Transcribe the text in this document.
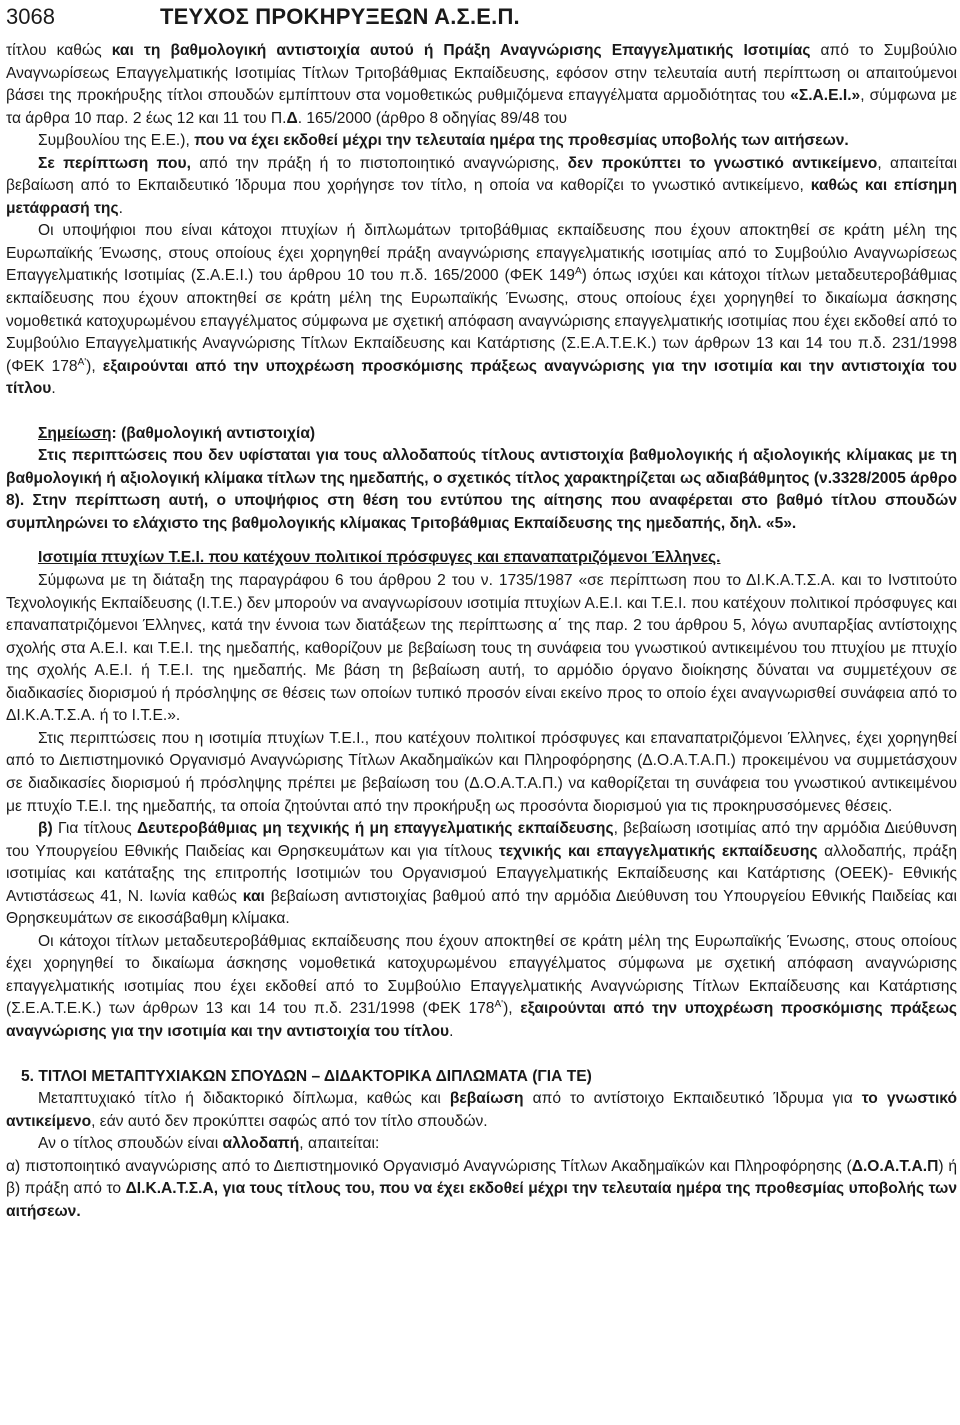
3068	ΤΕΥΧΟΣ ΠΡΟΚΗΡΥΞΕΩΝ Α.Σ.Ε.Π.

τίτλου καθώς και τη βαθμολογική αντιστοιχία αυτού ή Πράξη Αναγνώρισης Επαγγελματικής Ισοτιμίας από το Συμβούλιο Αναγνωρίσεως Επαγγελματικής Ισοτιμίας Τίτλων Τριτοβάθμιας Εκπαίδευσης, εφόσον στην τελευταία αυτή περίπτωση οι απαιτούμενοι βάσει της προκήρυξης τίτλοι σπουδών εμπίπτουν στα νομοθετικώς ρυθμιζόμενα επαγγέλματα αρμοδιότητας του «Σ.Α.Ε.Ι.», σύμφωνα με τα άρθρα 10 παρ. 2 έως 12 και 11 του Π.Δ. 165/2000 (άρθρο 8 οδηγίας 89/48 του

Συμβουλίου της Ε.Ε.), που να έχει εκδοθεί μέχρι την τελευταία ημέρα της προθεσμίας υποβολής των αιτήσεων.

Σε περίπτωση που, από την πράξη ή το πιστοποιητικό αναγνώρισης, δεν προκύπτει το γνωστικό αντικείμενο, απαιτείται βεβαίωση από το Εκπαιδευτικό Ίδρυμα που χορήγησε τον τίτλο, η οποία να καθορίζει το γνωστικό αντικείμενο, καθώς και επίσημη μετάφρασή της.

Οι υποψήφιοι που είναι κάτοχοι πτυχίων ή διπλωμάτων τριτοβάθμιας εκπαίδευσης που έχουν αποκτηθεί σε κράτη μέλη της Ευρωπαϊκής Ένωσης, στους οποίους έχει χορηγηθεί πράξη αναγνώρισης επαγγελματικής ισοτιμίας από το Συμβούλιο Αναγνωρίσεως Επαγγελματικής Ισοτιμίας (Σ.Α.Ε.Ι.) του άρθρου 10 του π.δ. 165/2000 (ΦΕΚ $149^A$) όπως ισχύει και κάτοχοι τίτλων μεταδευτεροβάθμιας εκπαίδευσης που έχουν αποκτηθεί σε κράτη μέλη της Ευρωπαϊκής Ένωσης, στους οποίους έχει χορηγηθεί το δικαίωμα άσκησης νομοθετικά κατοχυρωμένου επαγγέλματος σύμφωνα με σχετική απόφαση αναγνώρισης επαγγελματικής ισοτιμίας που έχει εκδοθεί από το Συμβούλιο Επαγγελματικής Αναγνώρισης Τίτλων Εκπαίδευσης και Κατάρτισης (Σ.Ε.Α.Τ.Ε.Κ.) των άρθρων 13 και 14 του π.δ. 231/1998 (ΦΕΚ $178^{A'}$), εξαιρούνται από την υποχρέωση προσκόμισης πράξεως αναγνώρισης για την ισοτιμία και την αντιστοιχία του τίτλου.

Σημείωση: (βαθμολογική αντιστοιχία)

Στις περιπτώσεις που δεν υφίσταται για τους αλλοδαπούς τίτλους αντιστοιχία βαθμολογικής ή αξιολογικής κλίμακας με τη βαθμολογική ή αξιολογική κλίμακα τίτλων της ημεδαπής, ο σχετικός τίτλος χαρακτηρίζεται ως αδιαβάθμητος (ν.3328/2005 άρθρο 8). Στην περίπτωση αυτή, ο υποψήφιος στη θέση του εντύπου της αίτησης που αναφέρεται στο βαθμό τίτλου σπουδών συμπληρώνει το ελάχιστο της βαθμολογικής κλίμακας Τριτοβάθμιας Εκπαίδευσης της ημεδαπής, δηλ. «5».

Ισοτιμία πτυχίων Τ.Ε.Ι. που κατέχουν πολιτικοί πρόσφυγες και επαναπατριζόμενοι Έλληνες.

Σύμφωνα με τη διάταξη της παραγράφου 6 του άρθρου 2 του ν. 1735/1987 «σε περίπτωση που το ΔΙ.Κ.Α.Τ.Σ.Α. και το Ινστιτούτο Τεχνολογικής Εκπαίδευσης (Ι.Τ.Ε.) δεν μπορούν να αναγνωρίσουν ισοτιμία πτυχίων Α.Ε.Ι. και Τ.Ε.Ι. που κατέχουν πολιτικοί πρόσφυγες και επαναπατριζόμενοι Έλληνες, κατά την έννοια των διατάξεων της περίπτωσης α΄ της παρ. 2 του άρθρου 5, λόγω ανυπαρξίας αντίστοιχης σχολής στα Α.Ε.Ι. και Τ.Ε.Ι. της ημεδαπής, καθορίζουν με βεβαίωση τους τη συνάφεια του γνωστικού αντικειμένου του πτυχίου με πτυχίο της σχολής Α.Ε.Ι. ή Τ.Ε.Ι. της ημεδαπής. Με βάση τη βεβαίωση αυτή, το αρμόδιο όργανο διοίκησης δύναται να συμμετέχουν σε διαδικασίες διορισμού ή πρόσληψης σε θέσεις των οποίων τυπικό προσόν είναι εκείνο προς το οποίο έχει αναγνωρισθεί συνάφεια από το ΔΙ.Κ.Α.Τ.Σ.Α. ή το Ι.Τ.Ε.».

Στις περιπτώσεις που η ισοτιμία πτυχίων Τ.Ε.Ι., που κατέχουν πολιτικοί πρόσφυγες και επαναπατριζόμενοι Έλληνες, έχει χορηγηθεί από το Διεπιστημονικό Οργανισμό Αναγνώρισης Τίτλων Ακαδημαϊκών και Πληροφόρησης (Δ.Ο.Α.Τ.Α.Π.) προκειμένου να συμμετάσχουν σε διαδικασίες διορισμού ή πρόσληψης πρέπει με βεβαίωση του (Δ.Ο.Α.Τ.Α.Π.) να καθορίζεται τη συνάφεια του γνωστικού αντικειμένου με πτυχίο Τ.Ε.Ι. της ημεδαπής, τα οποία ζητούνται από την προκήρυξη ως προσόντα διορισμού για τις προκηρυσσόμενες θέσεις.

β) Για τίτλους Δευτεροβάθμιας μη τεχνικής ή μη επαγγελματικής εκπαίδευσης, βεβαίωση ισοτιμίας από την αρμόδια Διεύθυνση του Υπουργείου Εθνικής Παιδείας και Θρησκευμάτων και για τίτλους τεχνικής και επαγγελματικής εκπαίδευσης αλλοδαπής, πράξη ισοτιμίας και κατάταξης της επιτροπής Ισοτιμιών του Οργανισμού Επαγγελματικής Εκπαίδευσης και Κατάρτισης (ΟΕΕΚ)- Εθνικής Αντιστάσεως 41, Ν. Ιωνία καθώς και βεβαίωση αντιστοιχίας βαθμού από την αρμόδια Διεύθυνση του Υπουργείου Εθνικής Παιδείας και Θρησκευμάτων σε εικοσάβαθμη κλίμακα.

Οι κάτοχοι τίτλων μεταδευτεροβάθμιας εκπαίδευσης που έχουν αποκτηθεί σε κράτη μέλη της Ευρωπαϊκής Ένωσης, στους οποίους έχει χορηγηθεί το δικαίωμα άσκησης νομοθετικά κατοχυρωμένου επαγγέλματος σύμφωνα με σχετική απόφαση αναγνώρισης επαγγελματικής ισοτιμίας που έχει εκδοθεί από το Συμβούλιο Επαγγελματικής Αναγνώρισης Τίτλων Εκπαίδευσης και Κατάρτισης (Σ.Ε.Α.Τ.Ε.Κ.) των άρθρων 13 και 14 του π.δ. 231/1998 (ΦΕΚ $178^{A'}$), εξαιρούνται από την υποχρέωση προσκόμισης πράξεως αναγνώρισης για την ισοτιμία και την αντιστοιχία του τίτλου.

5. ΤΙΤΛΟΙ ΜΕΤΑΠΤΥΧΙΑΚΩΝ ΣΠΟΥΔΩΝ – ΔΙΔΑΚΤΟΡΙΚΑ ΔΙΠΛΩΜΑΤΑ (ΓΙΑ ΤΕ)

Μεταπτυχιακό τίτλο ή διδακτορικό δίπλωμα, καθώς και βεβαίωση από το αντίστοιχο Εκπαιδευτικό Ίδρυμα για το γνωστικό αντικείμενο, εάν αυτό δεν προκύπτει σαφώς από τον τίτλο σπουδών.

Αν ο τίτλος σπουδών είναι αλλοδαπή, απαιτείται:

α) πιστοποιητικό αναγνώρισης από το Διεπιστημονικό Οργανισμό Αναγνώρισης Τίτλων Ακαδημαϊκών και Πληροφόρησης (Δ.Ο.Α.Τ.Α.Π) ή β) πράξη από το ΔΙ.Κ.Α.Τ.Σ.Α, για τους τίτλους του, που να έχει εκδοθεί μέχρι την τελευταία ημέρα της προθεσμίας υποβολής των αιτήσεων.
